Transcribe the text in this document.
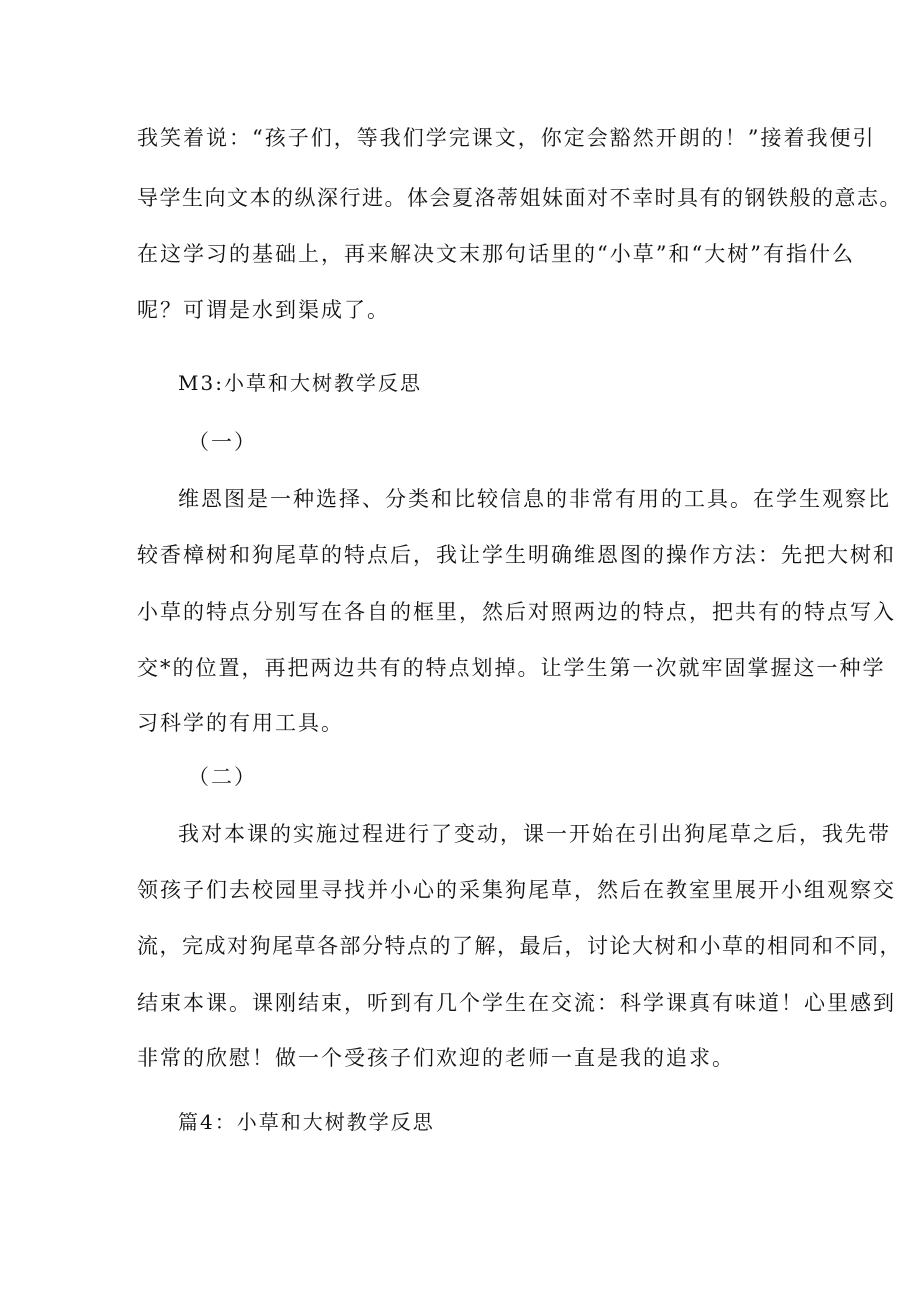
我笑着说：“孩子们，等我们学完课文，你定会豁然开朗的！”接着我便引
导学生向文本的纵深行进。体会夏洛蒂姐妹面对不幸时具有的钢铁般的意志。
在这学习的基础上，再来解决文末那句话里的“小草”和“大树”有指什么
呢？可谓是水到渠成了。
M3:小草和大树教学反思
（一）
维恩图是一种选择、分类和比较信息的非常有用的工具。在学生观察比
较香樟树和狗尾草的特点后，我让学生明确维恩图的操作方法：先把大树和
小草的特点分别写在各自的框里，然后对照两边的特点，把共有的特点写入
交*的位置，再把两边共有的特点划掉。让学生第一次就牢固掌握这一种学
习科学的有用工具。
（二）
我对本课的实施过程进行了变动，课一开始在引出狗尾草之后，我先带
领孩子们去校园里寻找并小心的采集狗尾草，然后在教室里展开小组观察交
流，完成对狗尾草各部分特点的了解，最后，讨论大树和小草的相同和不同，
结束本课。课刚结束，听到有几个学生在交流：科学课真有味道！心里感到
非常的欣慰！做一个受孩子们欢迎的老师一直是我的追求。
篇4：小草和大树教学反思
